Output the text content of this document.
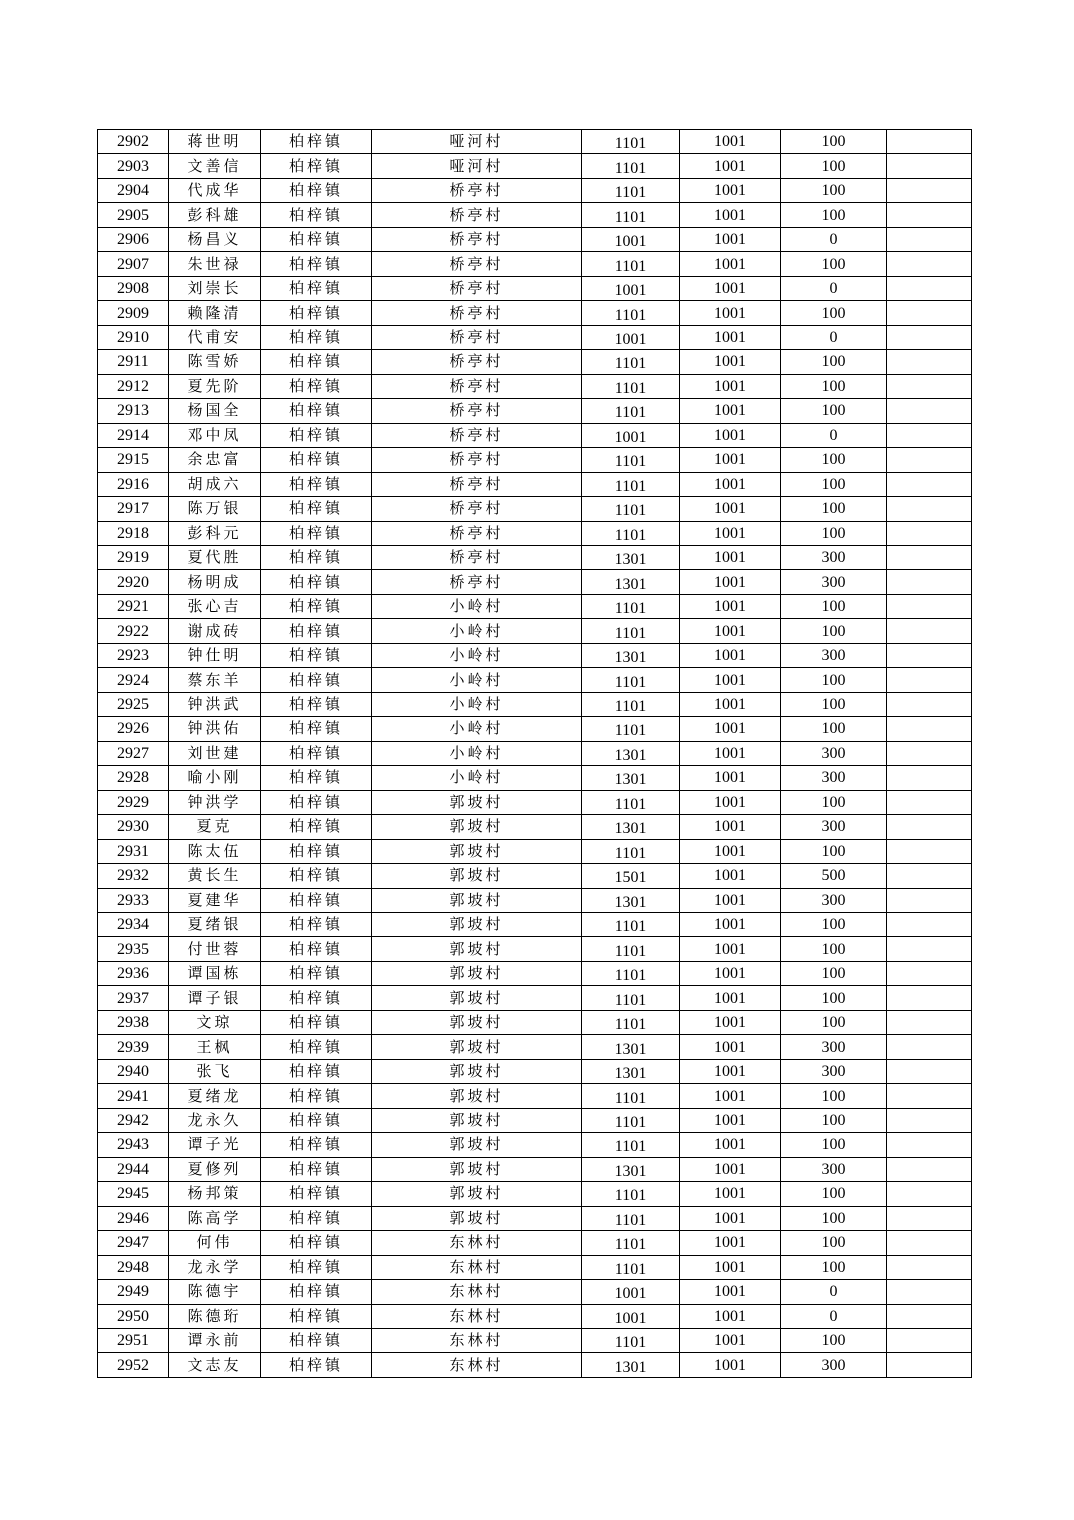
2902	蒋世明	柏梓镇	哑河村	1101	1001	100	
2903	文善信	柏梓镇	哑河村	1101	1001	100	
2904	代成华	柏梓镇	桥亭村	1101	1001	100	
2905	彭科雄	柏梓镇	桥亭村	1101	1001	100	
2906	杨昌义	柏梓镇	桥亭村	1001	1001	0	
2907	朱世禄	柏梓镇	桥亭村	1101	1001	100	
2908	刘崇长	柏梓镇	桥亭村	1001	1001	0	
2909	赖隆清	柏梓镇	桥亭村	1101	1001	100	
2910	代甫安	柏梓镇	桥亭村	1001	1001	0	
2911	陈雪娇	柏梓镇	桥亭村	1101	1001	100	
2912	夏先阶	柏梓镇	桥亭村	1101	1001	100	
2913	杨国全	柏梓镇	桥亭村	1101	1001	100	
2914	邓中凤	柏梓镇	桥亭村	1001	1001	0	
2915	余忠富	柏梓镇	桥亭村	1101	1001	100	
2916	胡成六	柏梓镇	桥亭村	1101	1001	100	
2917	陈万银	柏梓镇	桥亭村	1101	1001	100	
2918	彭科元	柏梓镇	桥亭村	1101	1001	100	
2919	夏代胜	柏梓镇	桥亭村	1301	1001	300	
2920	杨明成	柏梓镇	桥亭村	1301	1001	300	
2921	张心吉	柏梓镇	小岭村	1101	1001	100	
2922	谢成砖	柏梓镇	小岭村	1101	1001	100	
2923	钟仕明	柏梓镇	小岭村	1301	1001	300	
2924	蔡东羊	柏梓镇	小岭村	1101	1001	100	
2925	钟洪武	柏梓镇	小岭村	1101	1001	100	
2926	钟洪佑	柏梓镇	小岭村	1101	1001	100	
2927	刘世建	柏梓镇	小岭村	1301	1001	300	
2928	喻小刚	柏梓镇	小岭村	1301	1001	300	
2929	钟洪学	柏梓镇	郭坡村	1101	1001	100	
2930	夏克	柏梓镇	郭坡村	1301	1001	300	
2931	陈太伍	柏梓镇	郭坡村	1101	1001	100	
2932	黄长生	柏梓镇	郭坡村	1501	1001	500	
2933	夏建华	柏梓镇	郭坡村	1301	1001	300	
2934	夏绪银	柏梓镇	郭坡村	1101	1001	100	
2935	付世蓉	柏梓镇	郭坡村	1101	1001	100	
2936	谭国栋	柏梓镇	郭坡村	1101	1001	100	
2937	谭子银	柏梓镇	郭坡村	1101	1001	100	
2938	文琼	柏梓镇	郭坡村	1101	1001	100	
2939	王枫	柏梓镇	郭坡村	1301	1001	300	
2940	张飞	柏梓镇	郭坡村	1301	1001	300	
2941	夏绪龙	柏梓镇	郭坡村	1101	1001	100	
2942	龙永久	柏梓镇	郭坡村	1101	1001	100	
2943	谭子光	柏梓镇	郭坡村	1101	1001	100	
2944	夏修列	柏梓镇	郭坡村	1301	1001	300	
2945	杨邦策	柏梓镇	郭坡村	1101	1001	100	
2946	陈高学	柏梓镇	郭坡村	1101	1001	100	
2947	何伟	柏梓镇	东林村	1101	1001	100	
2948	龙永学	柏梓镇	东林村	1101	1001	100	
2949	陈德宇	柏梓镇	东林村	1001	1001	0	
2950	陈德珩	柏梓镇	东林村	1001	1001	0	
2951	谭永前	柏梓镇	东林村	1101	1001	100	
2952	文志友	柏梓镇	东林村	1301	1001	300	
